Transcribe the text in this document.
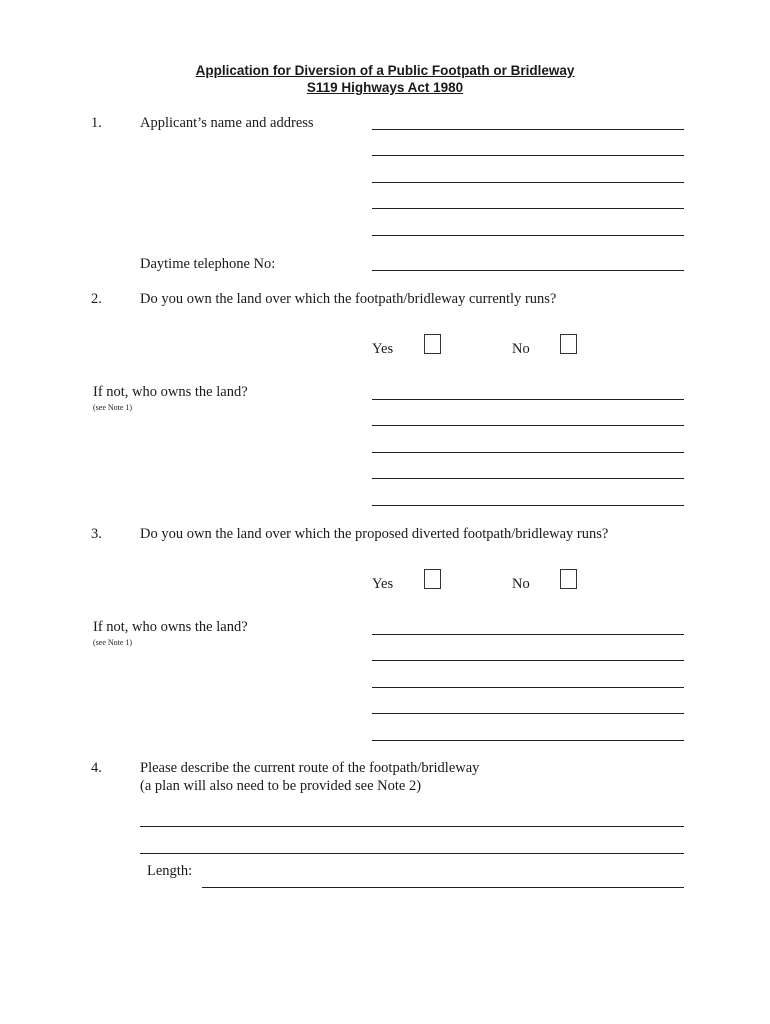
Application for Diversion of a Public Footpath or Bridleway
S119 Highways Act 1980
1.	Applicant’s name and address
Daytime telephone No:
2.	Do you own the land over which the footpath/bridleway currently runs?
Yes	No
If not, who owns the land?
(see Note 1)
3.	Do you own the land over which the proposed diverted footpath/bridleway runs?
Yes	No
If not, who owns the land?
(see Note 1)
4.	Please describe the current route of the footpath/bridleway
(a plan will also need to be provided see Note 2)
Length:
